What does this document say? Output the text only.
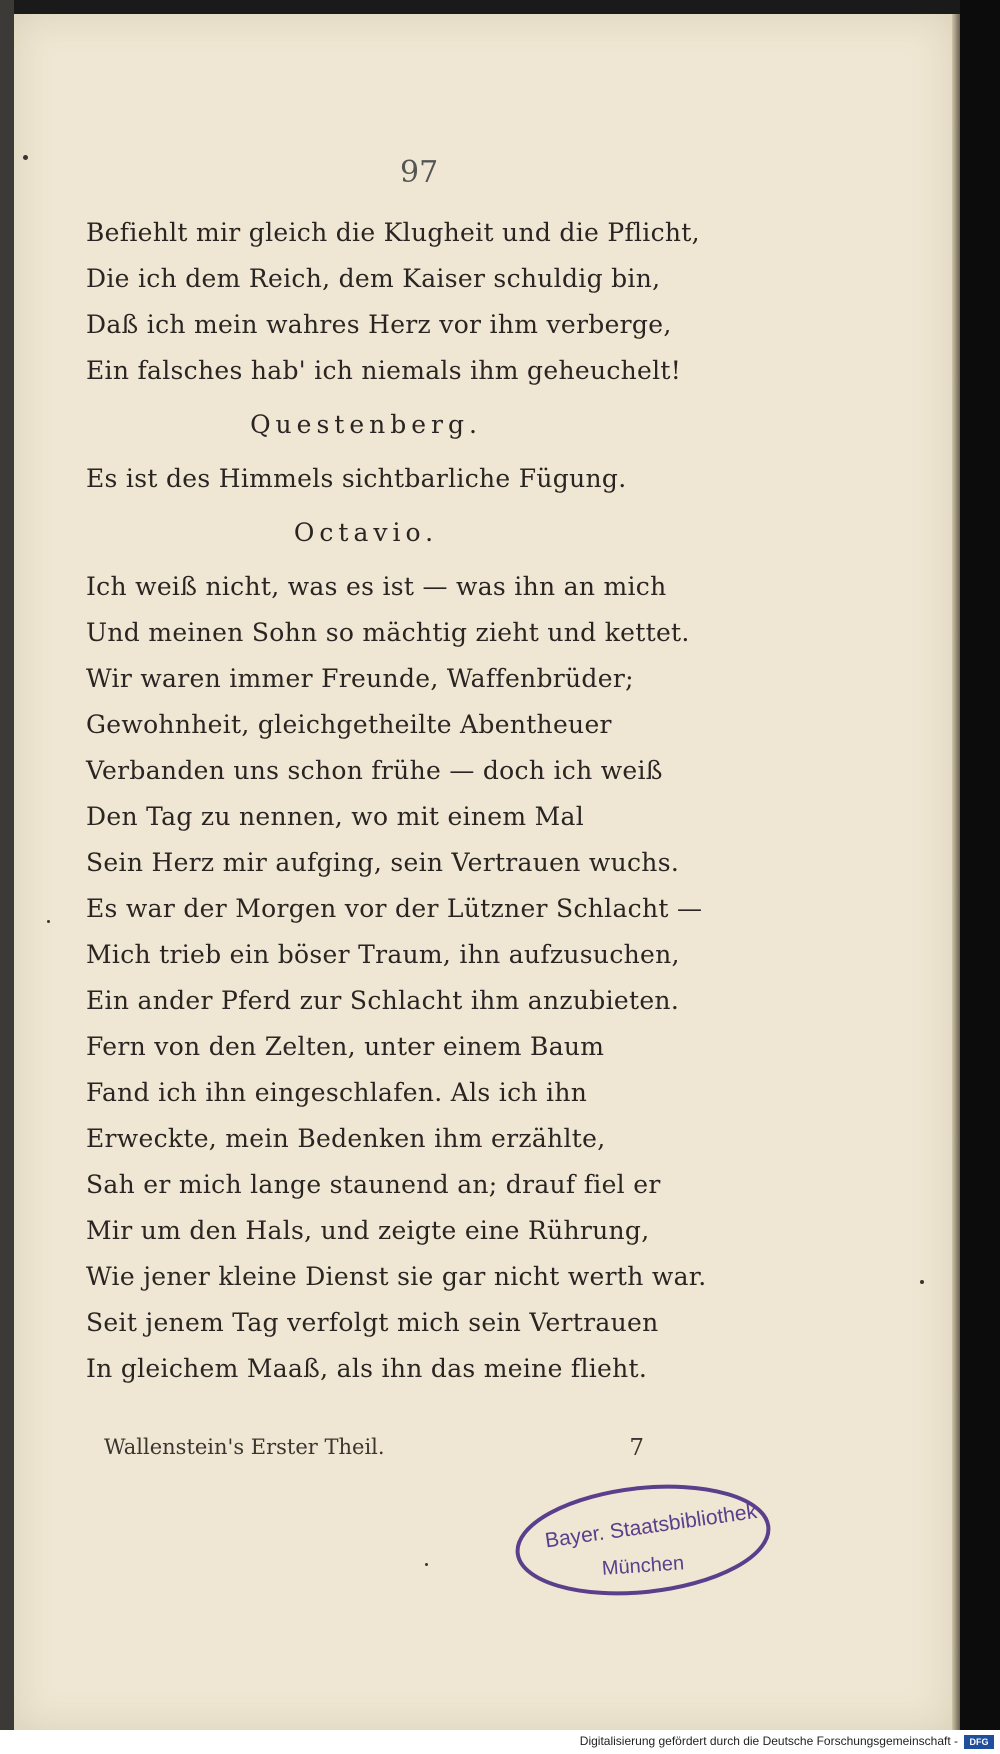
97
Befiehlt mir gleich die Klugheit und die Pflicht,
Die ich dem Reich, dem Kaiser schuldig bin,
Daß ich mein wahres Herz vor ihm verberge,
Ein falsches hab' ich niemals ihm geheuchelt!
Questenberg.
Es ist des Himmels sichtbarliche Fügung.
Octavio.
Ich weiß nicht, was es ist — was ihn an mich
Und meinen Sohn so mächtig zieht und kettet.
Wir waren immer Freunde, Waffenbrüder;
Gewohnheit, gleichgetheilte Abentheuer
Verbanden uns schon frühe — doch ich weiß
Den Tag zu nennen, wo mit einem Mal
Sein Herz mir aufging, sein Vertrauen wuchs.
Es war der Morgen vor der Lützner Schlacht —
Mich trieb ein böser Traum, ihn aufzusuchen,
Ein ander Pferd zur Schlacht ihm anzubieten.
Fern von den Zelten, unter einem Baum
Fand ich ihn eingeschlafen. Als ich ihn
Erweckte, mein Bedenken ihm erzählte,
Sah er mich lange staunend an; drauf fiel er
Mir um den Hals, und zeigte eine Rührung,
Wie jener kleine Dienst sie gar nicht werth war.
Seit jenem Tag verfolgt mich sein Vertrauen
In gleichem Maaß, als ihn das meine flieht.
Wallenstein's Erster Theil.	7
Bayer. Staatsbibliothek
München
Digitalisierung gefördert durch die Deutsche Forschungsgemeinschaft -	DFG
